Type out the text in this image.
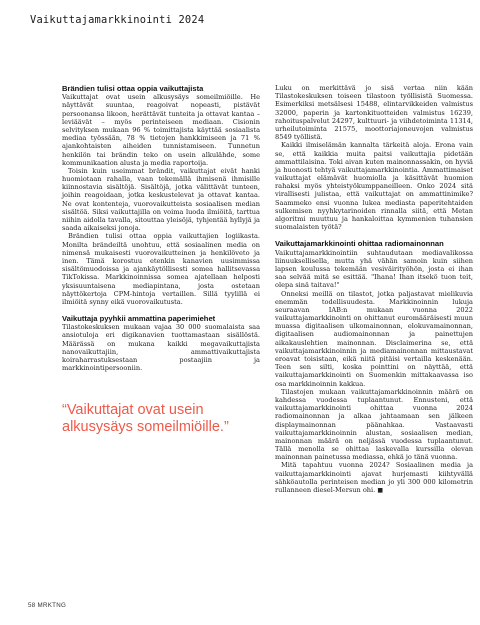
Vaikuttajamarkkinointi 2024
Brändien tulisi ottaa oppia vaikuttajista

Vaikuttajat ovat usein alkusysäys someilmiöille. He näyttävät suuntaa, reagoivat nopeasti, pistävät persoonansa likoon, herättävät tunteita ja ottavat kantaa – leviäävät – myös perinteiseen mediaan. Cisionin selvityksen mukaan 96 % toimittajista käyttää sosiaalista mediaa työssään, 78 % tietojen hankkimiseen ja 71 % ajankohtaisten aiheiden tunnistamiseen. Tunnetun henkilön tai brändin teko on usein alkulähde, some kommunikaation alusta ja media raportoija.

Toisin kuin useimmat brändit, vaikuttajat eivät hanki huomiotaan rahalla, vaan tekemällä ihmisenä ihmisille kiinnostavia sisältöjä. Sisältöjä, jotka välittävät tunteen, joihin reagoidaan, jotka keskustelevat ja ottavat kantaa. Ne ovat kontenteja, vuorovaikutteista sosiaalisen median sisältöä. Siksi vaikuttajilla on voima luoda ilmiöitä, tarttua niihin aidolla tavalla, sitouttaa yleisöjä, tyhjentää hyllyjä ja saada aikaiseksi jonoja.

Brändien tulisi ottaa oppia vaikuttajien logiikasta. Monilta brändeiltä unohtuu, että sosiaalinen media on nimensä mukaisesti vuorovaikutteinen ja henkilöveto ja inen. Tämä korostuu etenkin kanavien uusimmissa sisältömuodoissa ja ajankäytöllisesti someа hallitsevassa TikTokissa. Markkinoinnissa someа ajatellaan helposti yksisuuntaisena mediapintana, josta ostetaan näyttökertoja CPM-hintoja vertaillen. Sillä tyylillä ei ilmiöitä synny eikä vuorovaikutusta.

Vaikuttaja pyyhkii ammattina paperimiehet

Tilastokeskuksen mukaan vajaa 30 000 suomalaista saa ansiotuloja eri digikanavien tuottamastaan sisällöstä. Määrässä on mukana kaikki megavaikuttajista nanovaikuttajiin, ammattivaikuttajista koiraharrastuksestaan postaajiin ja markkinointipersooniin.

“Vaikuttajat ovat usein alkusysäys someilmiöille.”

Luku on merkittävä jo sisä vertaa niin kään Tilastokeskuksen toiseen tilastoon työllisistä Suomessa. Esimerkiksi metsälsesi 15488, elintarvikkeiden valmistus 32000, paperin ja kartonkituotteiden valmistus 16239, rahoituspalvelut 24297, kulttuuri- ja viihdetoiminta 11314, urheilutoiminta 21575, moottoriajoneuvojen valmistus 8549 työllistä.

Kaikki ilmiselämän kannalta tärkeitä aloja. Erona vain se, että kaikkia muita paitsi vaikuttajia pidetään ammattilaisina. Toki aivan kuten mainonnassakin, on hyviä ja huonosti tehtyä vaikuttajamarkkinointia. Ammattimaiset vaikuttajat elämävät huomiolla ja käsittävät huomion rahaksi myös yhteistyökumppaneilleen. Onko 2024 sitä virallisesti julistaa, että vaikuttajat on ammattinimike? Saammeko ensi vuonna lukea mediasta paperitehtaiden sulkemisen nyyhkytarinoiden rinnalla siitä, että Metan algoritmi muuttuu ja hankaloittaa kymmenien tuhansien suomalaisten työtä?

Vaikuttajamarkkinointi ohittaa radiomainonnan

Vaikuttajamarkkinointiin suhtaudutaan mediavalikossa liinuuksellisella, mutta yhä vähän samoin kuin siihen lapsen koulussa tekemään vesiväirityöhön, josta ei ihan saa selvää mitä se esittää. "Ihana! Ihan itsekö tuon teit, olepa sinä taitava!"

Onneksi meillä on tilastot, jotka paljastavat mielikuvia enemmän todellisuudesta. Markkinoinnin lukuja seuraavan IAB:n mukaan vuonna 2022 vaikuttajamarkkinointi on ohittanut euromääräisesti muun muassa digitaalisen ulkomainonnan, elokuvamainonnan, digitaalisen audiomainonnan ja painettujen aikakauslehtien mainonnan. Disclaimerina se, että vaikuttajamarkkinoinnin ja mediamainonnan mittaustavat eroavat toisistaan, eikä niitä pitäisi vertailla keskenään. Teen sen silti, koska pointtini on näyttää, että vaikuttajamarkkinointi on Suomenkin mittakaavassa iso osa markkinoinnin kakkua.

Tilastojen mukaan vaikuttajamarkkinoinnin määrä on kahdessa vuodessa tuplaantunut. Ennusteni, että vaikuttajamarkkinointi ohittaa vuonna 2024 radiomainonnan ja alkaa jahtaamaan sen jälkeen displaymainonnan päänahkaa. Vastaavasti vaikuttajamarkkinoinnin alustan, sosiaalisen median, mainonnan määrä on neljässä vuodessa tuplaantunut. Tällä menolla se ohittaa laskevalla kurssilla olevan mainonnan painetussa mediassa, ehkä jo tänä vuonna.

Mitä tapahtuu vuonna 2024? Sosiaalinen media ja vaikuttajamarkkinointi ajavat hurjemasti kiihtyvällä sähköautolla perinteisen median jo yli 300 000 kilometrin rullanneen diesel-Mersun ohi. ■

58 MRKTNG
